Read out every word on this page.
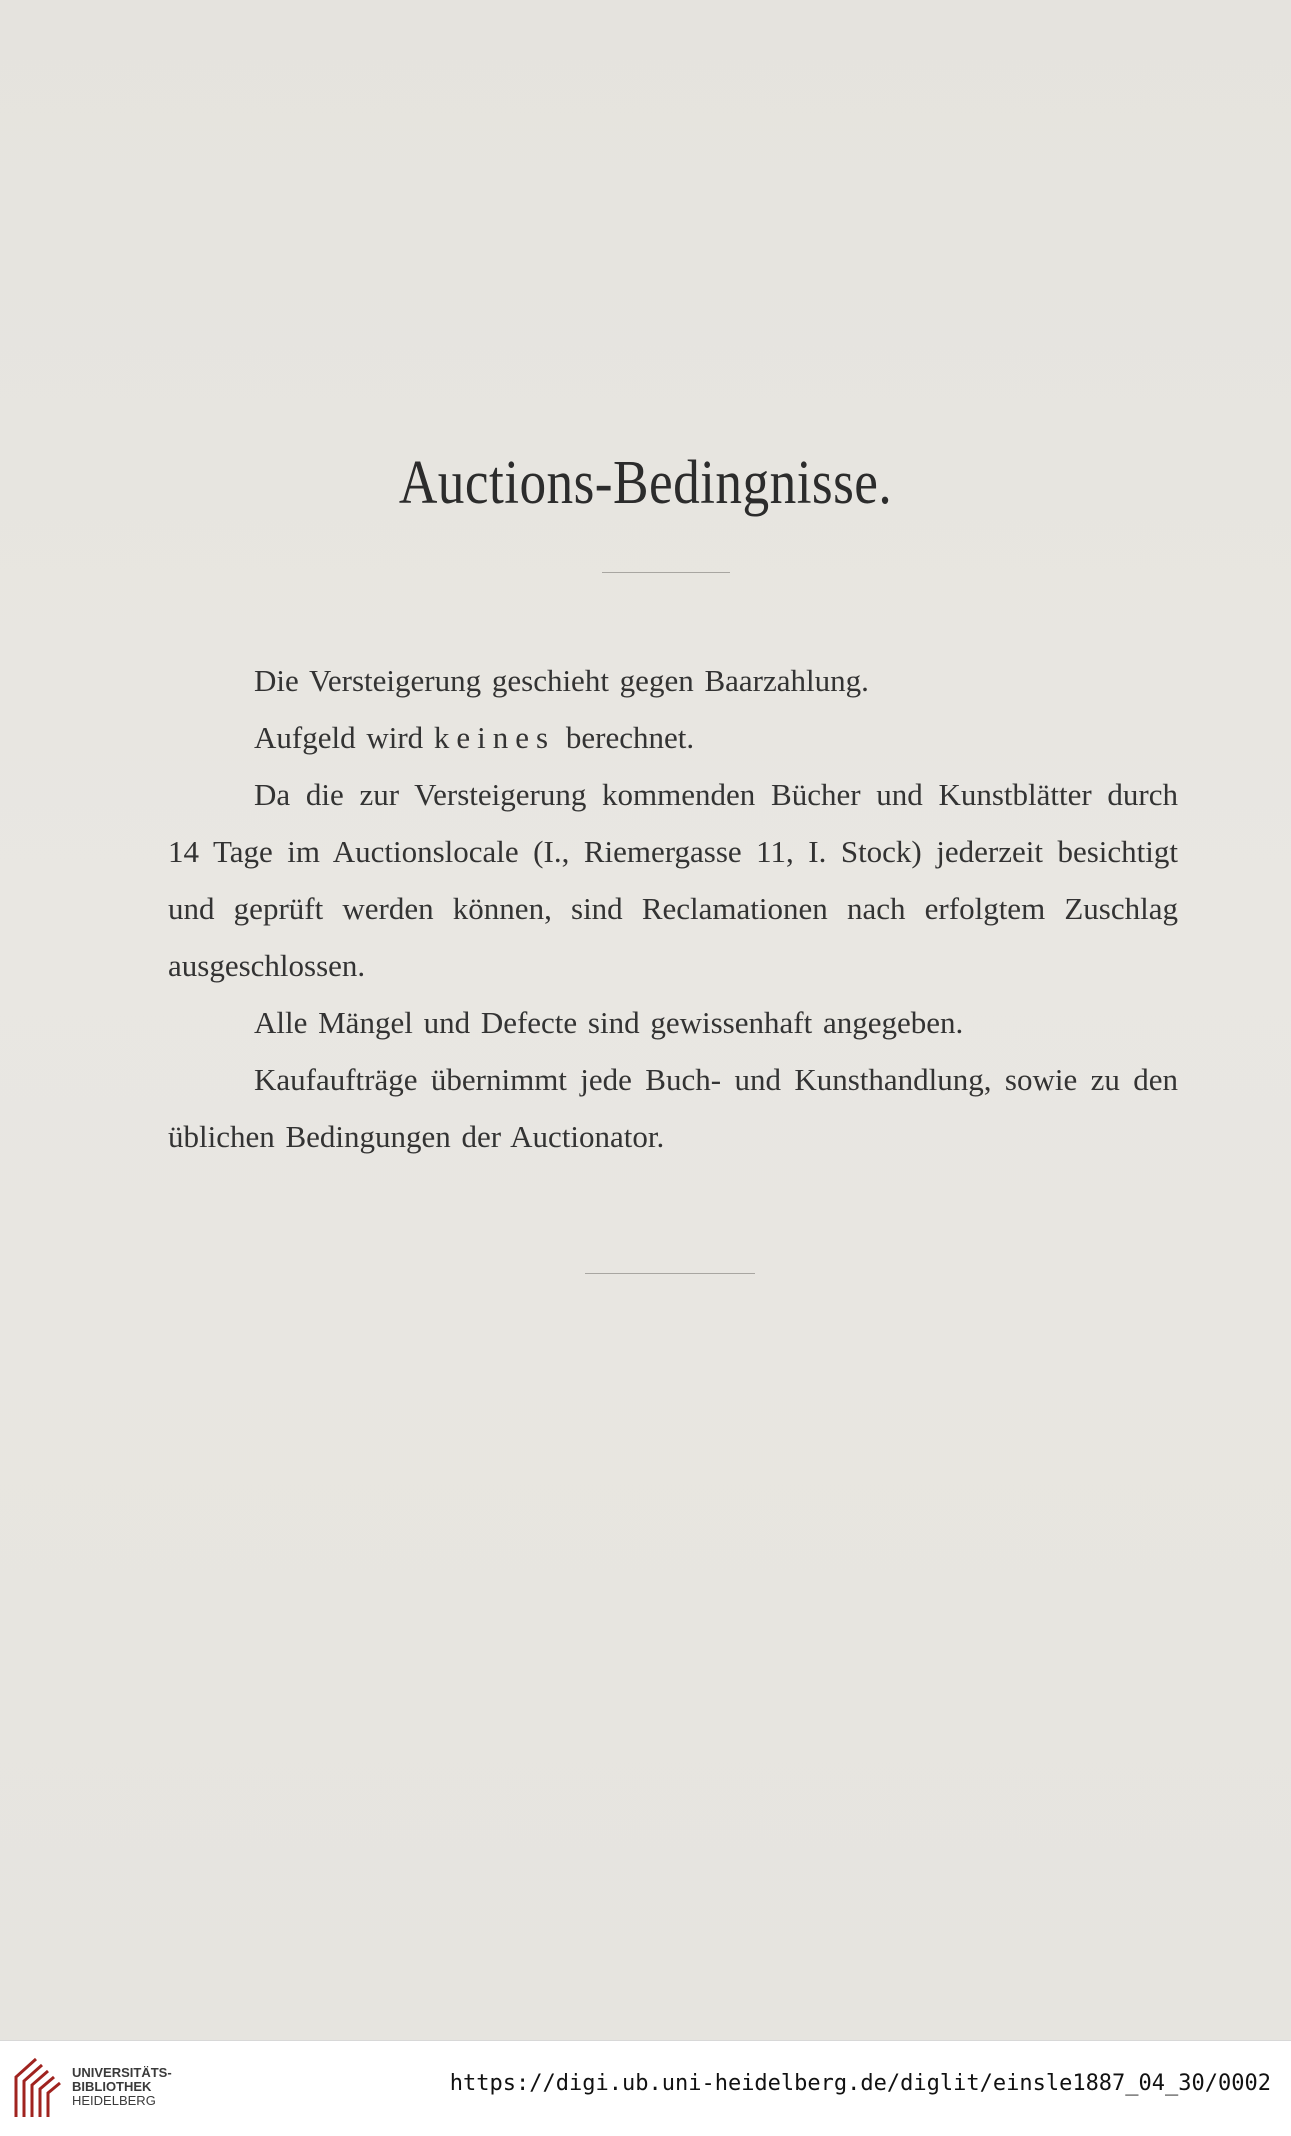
Auctions-Bedingnisse.

Die Versteigerung geschieht gegen Baarzahlung.

Aufgeld wird keines berechnet.

Da die zur Versteigerung kommenden Bücher und Kunstblätter durch 14 Tage im Auctionslocale (I., Riemergasse 11, I. Stock) jederzeit besichtigt und geprüft werden können, sind Reclamationen nach erfolgtem Zuschlag ausgeschlossen.

Alle Mängel und Defecte sind gewissenhaft angegeben.

Kaufaufträge übernimmt jede Buch- und Kunsthandlung, sowie zu den üblichen Bedingungen der Auctionator.

UNIVERSITÄTS-
BIBLIOTHEK
HEIDELBERG
https://digi.ub.uni-heidelberg.de/diglit/einsle1887_04_30/0002
